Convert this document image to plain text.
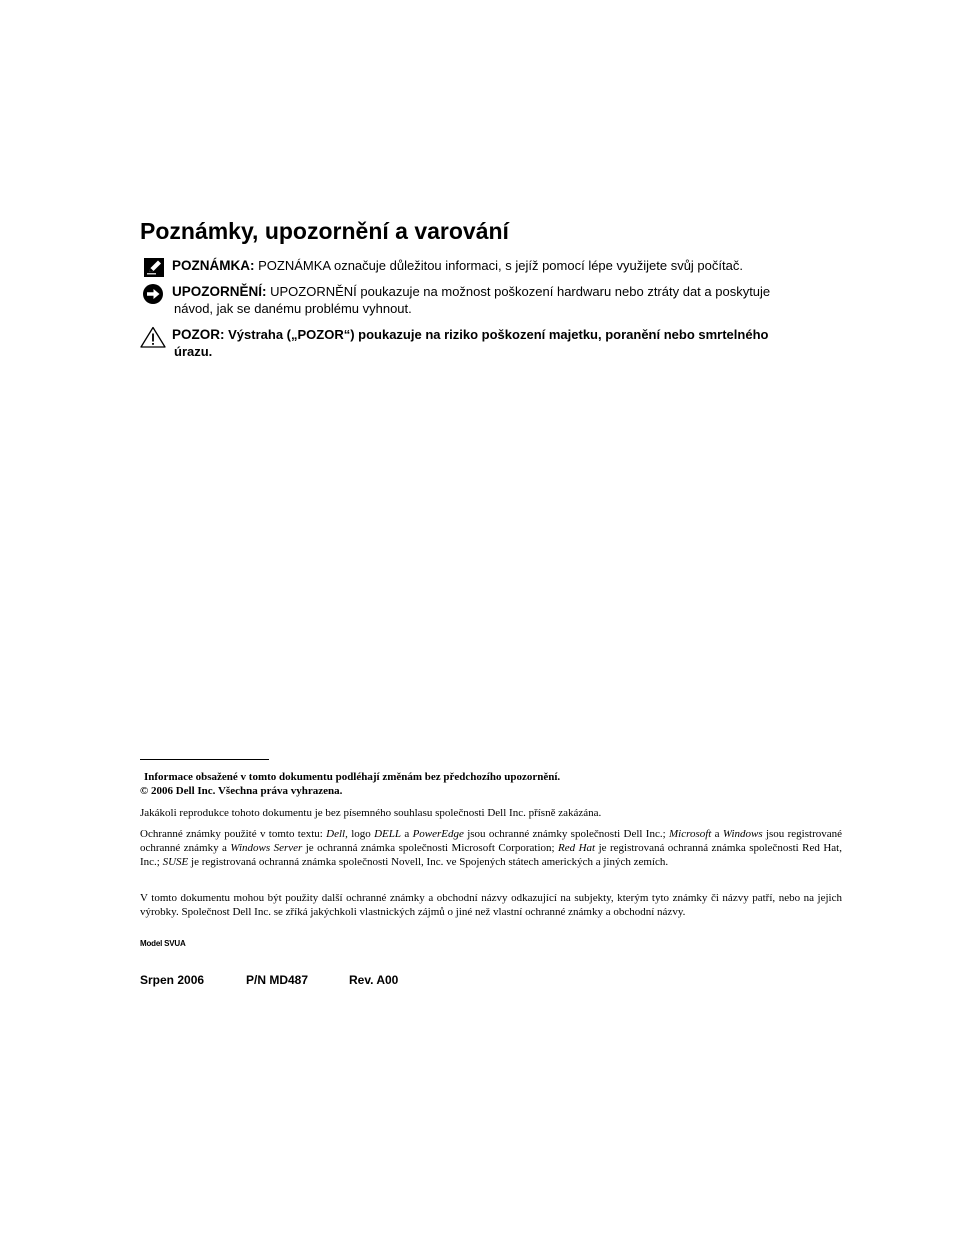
Poznámky, upozornění a varování
POZNÁMKA: POZNÁMKA označuje důležitou informaci, s jejíž pomocí lépe využijete svůj počítač.
UPOZORNĚNÍ: UPOZORNĚNÍ poukazuje na možnost poškození hardwaru nebo ztráty dat a poskytuje
návod, jak se danému problému vyhnout.
POZOR: Výstraha („POZOR“) poukazuje na riziko poškození majetku, poranění nebo smrtelného
úrazu.
Informace obsažené v tomto dokumentu podléhají změnám bez předchozího upozornění.
© 2006 Dell Inc. Všechna práva vyhrazena.
Jakákoli reprodukce tohoto dokumentu je bez písemného souhlasu společnosti Dell Inc. přísně zakázána.
Ochranné známky použité v tomto textu: Dell, logo DELL a PowerEdge jsou ochranné známky společnosti Dell Inc.; Microsoft a Windows jsou registrované ochranné známky a Windows Server je ochranná známka společnosti Microsoft Corporation; Red Hat je registrovaná ochranná známka společnosti Red Hat, Inc.; SUSE je registrovaná ochranná známka společnosti Novell, Inc. ve Spojených státech amerických a jiných zemích.
V tomto dokumentu mohou být použity další ochranné známky a obchodní názvy odkazující na subjekty, kterým tyto známky či názvy patří, nebo na jejich výrobky. Společnost Dell Inc. se zříká jakýchkoli vlastnických zájmů o jiné než vlastní ochranné známky a obchodní názvy.
Model SVUA
Srpen 2006	P/N MD487	Rev. A00
